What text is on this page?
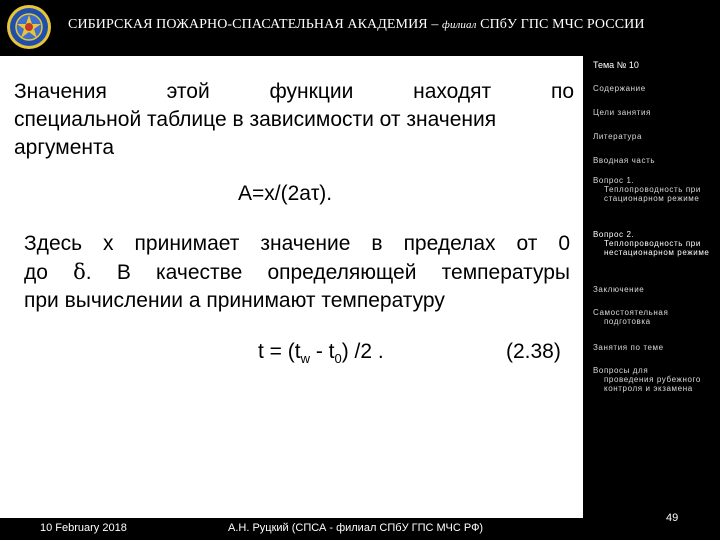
СИБИРСКАЯ ПОЖАРНО-СПАСАТЕЛЬНАЯ АКАДЕМИЯ – филиал СПбУ ГПС МЧС РОССИИ
Значения этой функции находят по
специальной таблице в зависимости от значения
аргумента
A=x/(2aτ).
Здесь x принимает значение в пределах от 0
до δ. В качестве определяющей температуры
при вычислении a принимают температуру
$t = (t_w - t_0)$ /2 .	(2.38)
Тема № 10
Содержание
Цели занятия
Литература
Вводная часть
Вопрос 1.
Теплопроводность при стационарном режиме
Вопрос 2.
Теплопроводность при нестационарном режиме
Заключение
Самостоятельная
подготовка
Занятия по теме
Вопросы для
проведения рубежного контроля и экзамена
10 February 2018	А.Н. Руцкий (СПСА - филиал СПбУ ГПС МЧС РФ)
49
